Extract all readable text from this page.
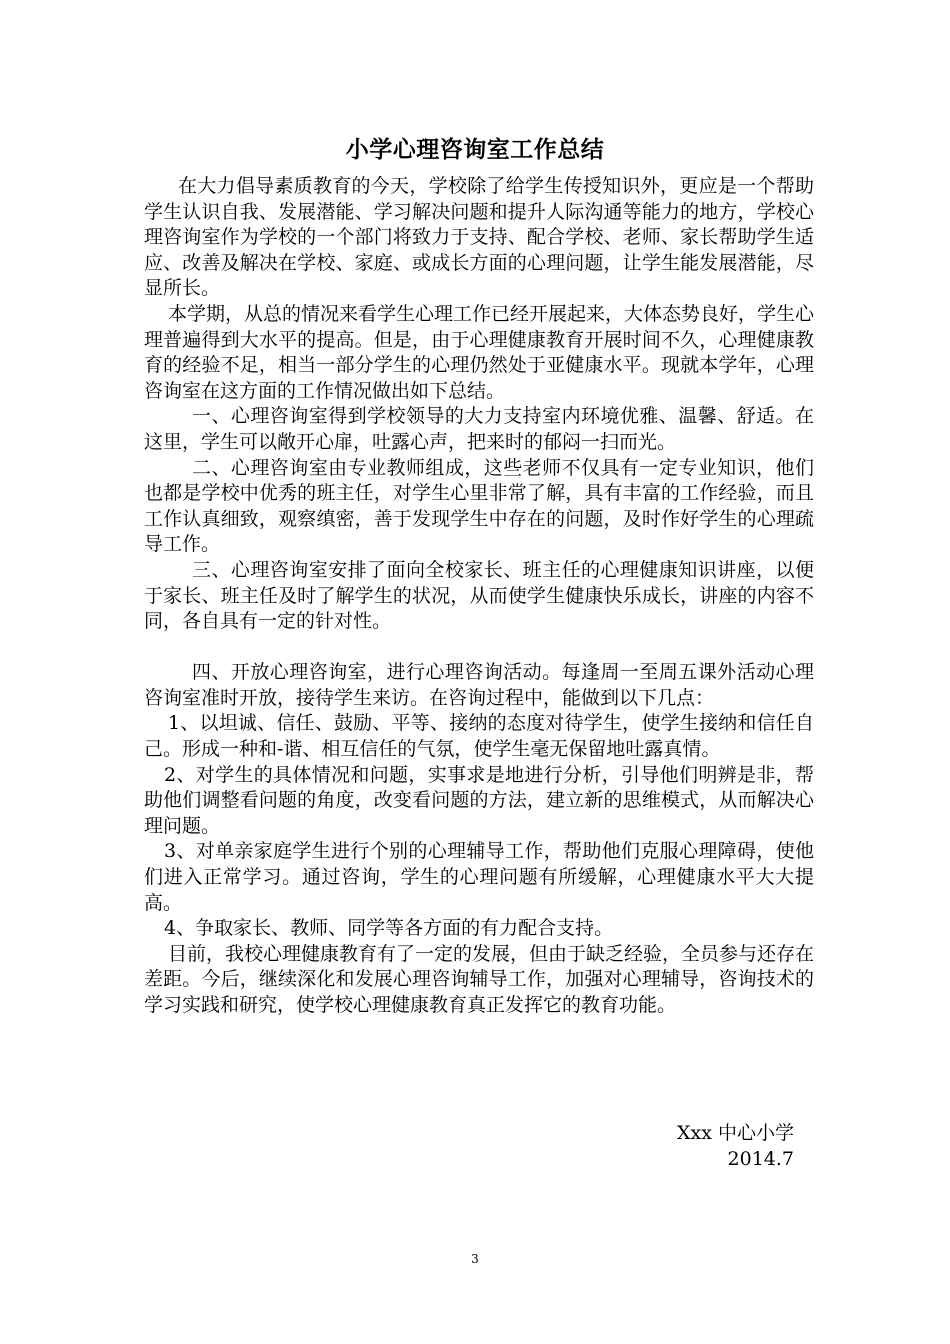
小学心理咨询室工作总结

在大力倡导素质教育的今天，学校除了给学生传授知识外，更应是一个帮助学生认识自我、发展潜能、学习解决问题和提升人际沟通等能力的地方，学校心理咨询室作为学校的一个部门将致力于支持、配合学校、老师、家长帮助学生适应、改善及解决在学校、家庭、或成长方面的心理问题，让学生能发展潜能，尽显所长。

本学期，从总的情况来看学生心理工作已经开展起来，大体态势良好，学生心理普遍得到大水平的提高。但是，由于心理健康教育开展时间不久，心理健康教育的经验不足，相当一部分学生的心理仍然处于亚健康水平。现就本学年，心理咨询室在这方面的工作情况做出如下总结。

一、心理咨询室得到学校领导的大力支持室内环境优雅、温馨、舒适。在这里，学生可以敞开心扉，吐露心声，把来时的郁闷一扫而光。

二、心理咨询室由专业教师组成，这些老师不仅具有一定专业知识，他们也都是学校中优秀的班主任，对学生心里非常了解，具有丰富的工作经验，而且工作认真细致，观察缜密，善于发现学生中存在的问题，及时作好学生的心理疏导工作。

三、心理咨询室安排了面向全校家长、班主任的心理健康知识讲座，以便于家长、班主任及时了解学生的状况，从而使学生健康快乐成长，讲座的内容不同，各自具有一定的针对性。

四、开放心理咨询室，进行心理咨询活动。每逢周一至周五课外活动心理咨询室准时开放，接待学生来访。在咨询过程中，能做到以下几点：

1、以坦诚、信任、鼓励、平等、接纳的态度对待学生，使学生接纳和信任自己。形成一种和-谐、相互信任的气氛，使学生毫无保留地吐露真情。

2、对学生的具体情况和问题，实事求是地进行分析，引导他们明辨是非，帮助他们调整看问题的角度，改变看问题的方法，建立新的思维模式，从而解决心理问题。

3、对单亲家庭学生进行个别的心理辅导工作，帮助他们克服心理障碍，使他们进入正常学习。通过咨询，学生的心理问题有所缓解，心理健康水平大大提高。

4、争取家长、教师、同学等各方面的有力配合支持。

目前，我校心理健康教育有了一定的发展，但由于缺乏经验，全员参与还存在差距。今后，继续深化和发展心理咨询辅导工作，加强对心理辅导，咨询技术的学习实践和研究，使学校心理健康教育真正发挥它的教育功能。

Xxx 中心小学
2014.7
3
